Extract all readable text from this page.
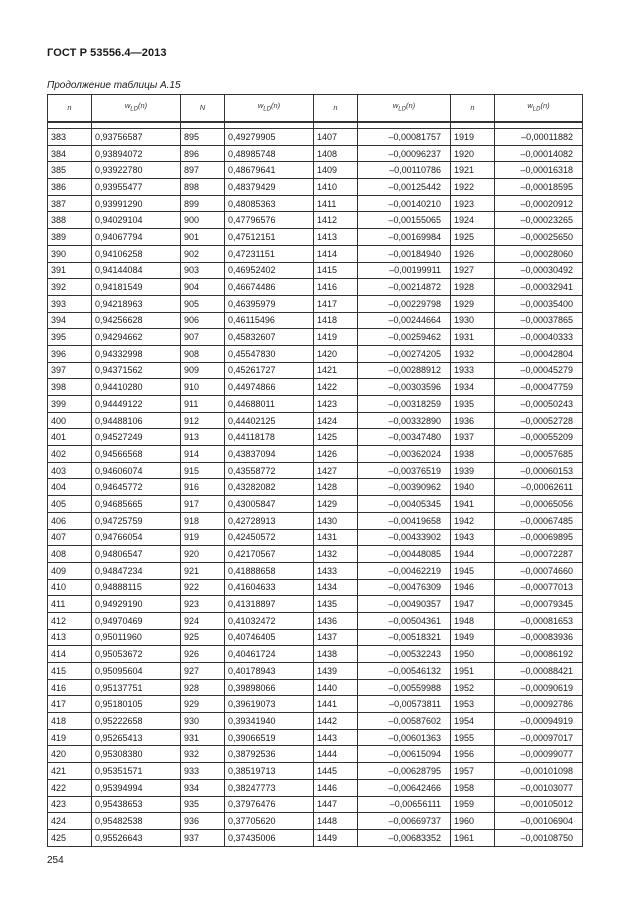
ГОСТ Р 53556.4—2013
Продолжение таблицы А.15
n	$w_{LD}(n)$	N	$w_{LD}(n)$	n	$w_{LD}(n)$	n	$w_{LD}(n)$

383	0,93756587	895	0,49279905	1407	–0,00081757	1919	–0,00011882
384	0,93894072	896	0,48985748	1408	–0,00096237	1920	–0,00014082
385	0,93922780	897	0,48679641	1409	–0,00110786	1921	–0,00016318
386	0,93955477	898	0,48379429	1410	–0,00125442	1922	–0,00018595
387	0,93991290	899	0,48085363	1411	–0,00140210	1923	–0,00020912
388	0,94029104	900	0,47796576	1412	–0,00155065	1924	–0,00023265
389	0,94067794	901	0,47512151	1413	–0,00169984	1925	–0,00025650
390	0,94106258	902	0,47231151	1414	–0,00184940	1926	–0,00028060
391	0,94144084	903	0,46952402	1415	–0,00199911	1927	–0,00030492
392	0,94181549	904	0,46674486	1416	–0,00214872	1928	–0,00032941
393	0,94218963	905	0,46395979	1417	–0,00229798	1929	–0,00035400
394	0,94256628	906	0,46115496	1418	–0,00244664	1930	–0,00037865
395	0,94294662	907	0,45832607	1419	–0,00259462	1931	–0,00040333
396	0,94332998	908	0,45547830	1420	–0,00274205	1932	–0,00042804
397	0,94371562	909	0,45261727	1421	–0,00288912	1933	–0,00045279
398	0,94410280	910	0,44974866	1422	–0,00303596	1934	–0,00047759
399	0,94449122	911	0,44688011	1423	–0,00318259	1935	–0,00050243
400	0,94488106	912	0,44402125	1424	–0,00332890	1936	–0,00052728
401	0,94527249	913	0,44118178	1425	–0,00347480	1937	–0,00055209
402	0,94566568	914	0,43837094	1426	–0,00362024	1938	–0,00057685
403	0,94606074	915	0,43558772	1427	–0,00376519	1939	–0,00060153
404	0,94645772	916	0,43282082	1428	–0,00390962	1940	–0,00062611
405	0,94685665	917	0,43005847	1429	–0,00405345	1941	–0,00065056
406	0,94725759	918	0,42728913	1430	–0,00419658	1942	–0,00067485
407	0,94766054	919	0,42450572	1431	–0,00433902	1943	–0,00069895
408	0,94806547	920	0,42170567	1432	–0,00448085	1944	–0,00072287
409	0,94847234	921	0,41888658	1433	–0,00462219	1945	–0,00074660
410	0,94888115	922	0,41604633	1434	–0,00476309	1946	–0,00077013
411	0,94929190	923	0,41318897	1435	–0,00490357	1947	–0,00079345
412	0,94970469	924	0,41032472	1436	–0,00504361	1948	–0,00081653
413	0,95011960	925	0,40746405	1437	–0,00518321	1949	–0,00083936
414	0,95053672	926	0,40461724	1438	–0,00532243	1950	–0,00086192
415	0,95095604	927	0,40178943	1439	–0,00546132	1951	–0,00088421
416	0,95137751	928	0,39898066	1440	–0,00559988	1952	–0,00090619
417	0,95180105	929	0,39619073	1441	–0,00573811	1953	–0,00092786
418	0,95222658	930	0,39341940	1442	–0,00587602	1954	–0,00094919
419	0,95265413	931	0,39066519	1443	–0,00601363	1955	–0,00097017
420	0,95308380	932	0,38792536	1444	–0,00615094	1956	–0,00099077
421	0,95351571	933	0,38519713	1445	–0,00628795	1957	–0,00101098
422	0,95394994	934	0,38247773	1446	–0,00642466	1958	–0,00103077
423	0,95438653	935	0,37976476	1447	–0,00656111	1959	–0,00105012
424	0,95482538	936	0,37705620	1448	–0,00669737	1960	–0,00106904
425	0,95526643	937	0,37435006	1449	–0,00683352	1961	–0,00108750
254
